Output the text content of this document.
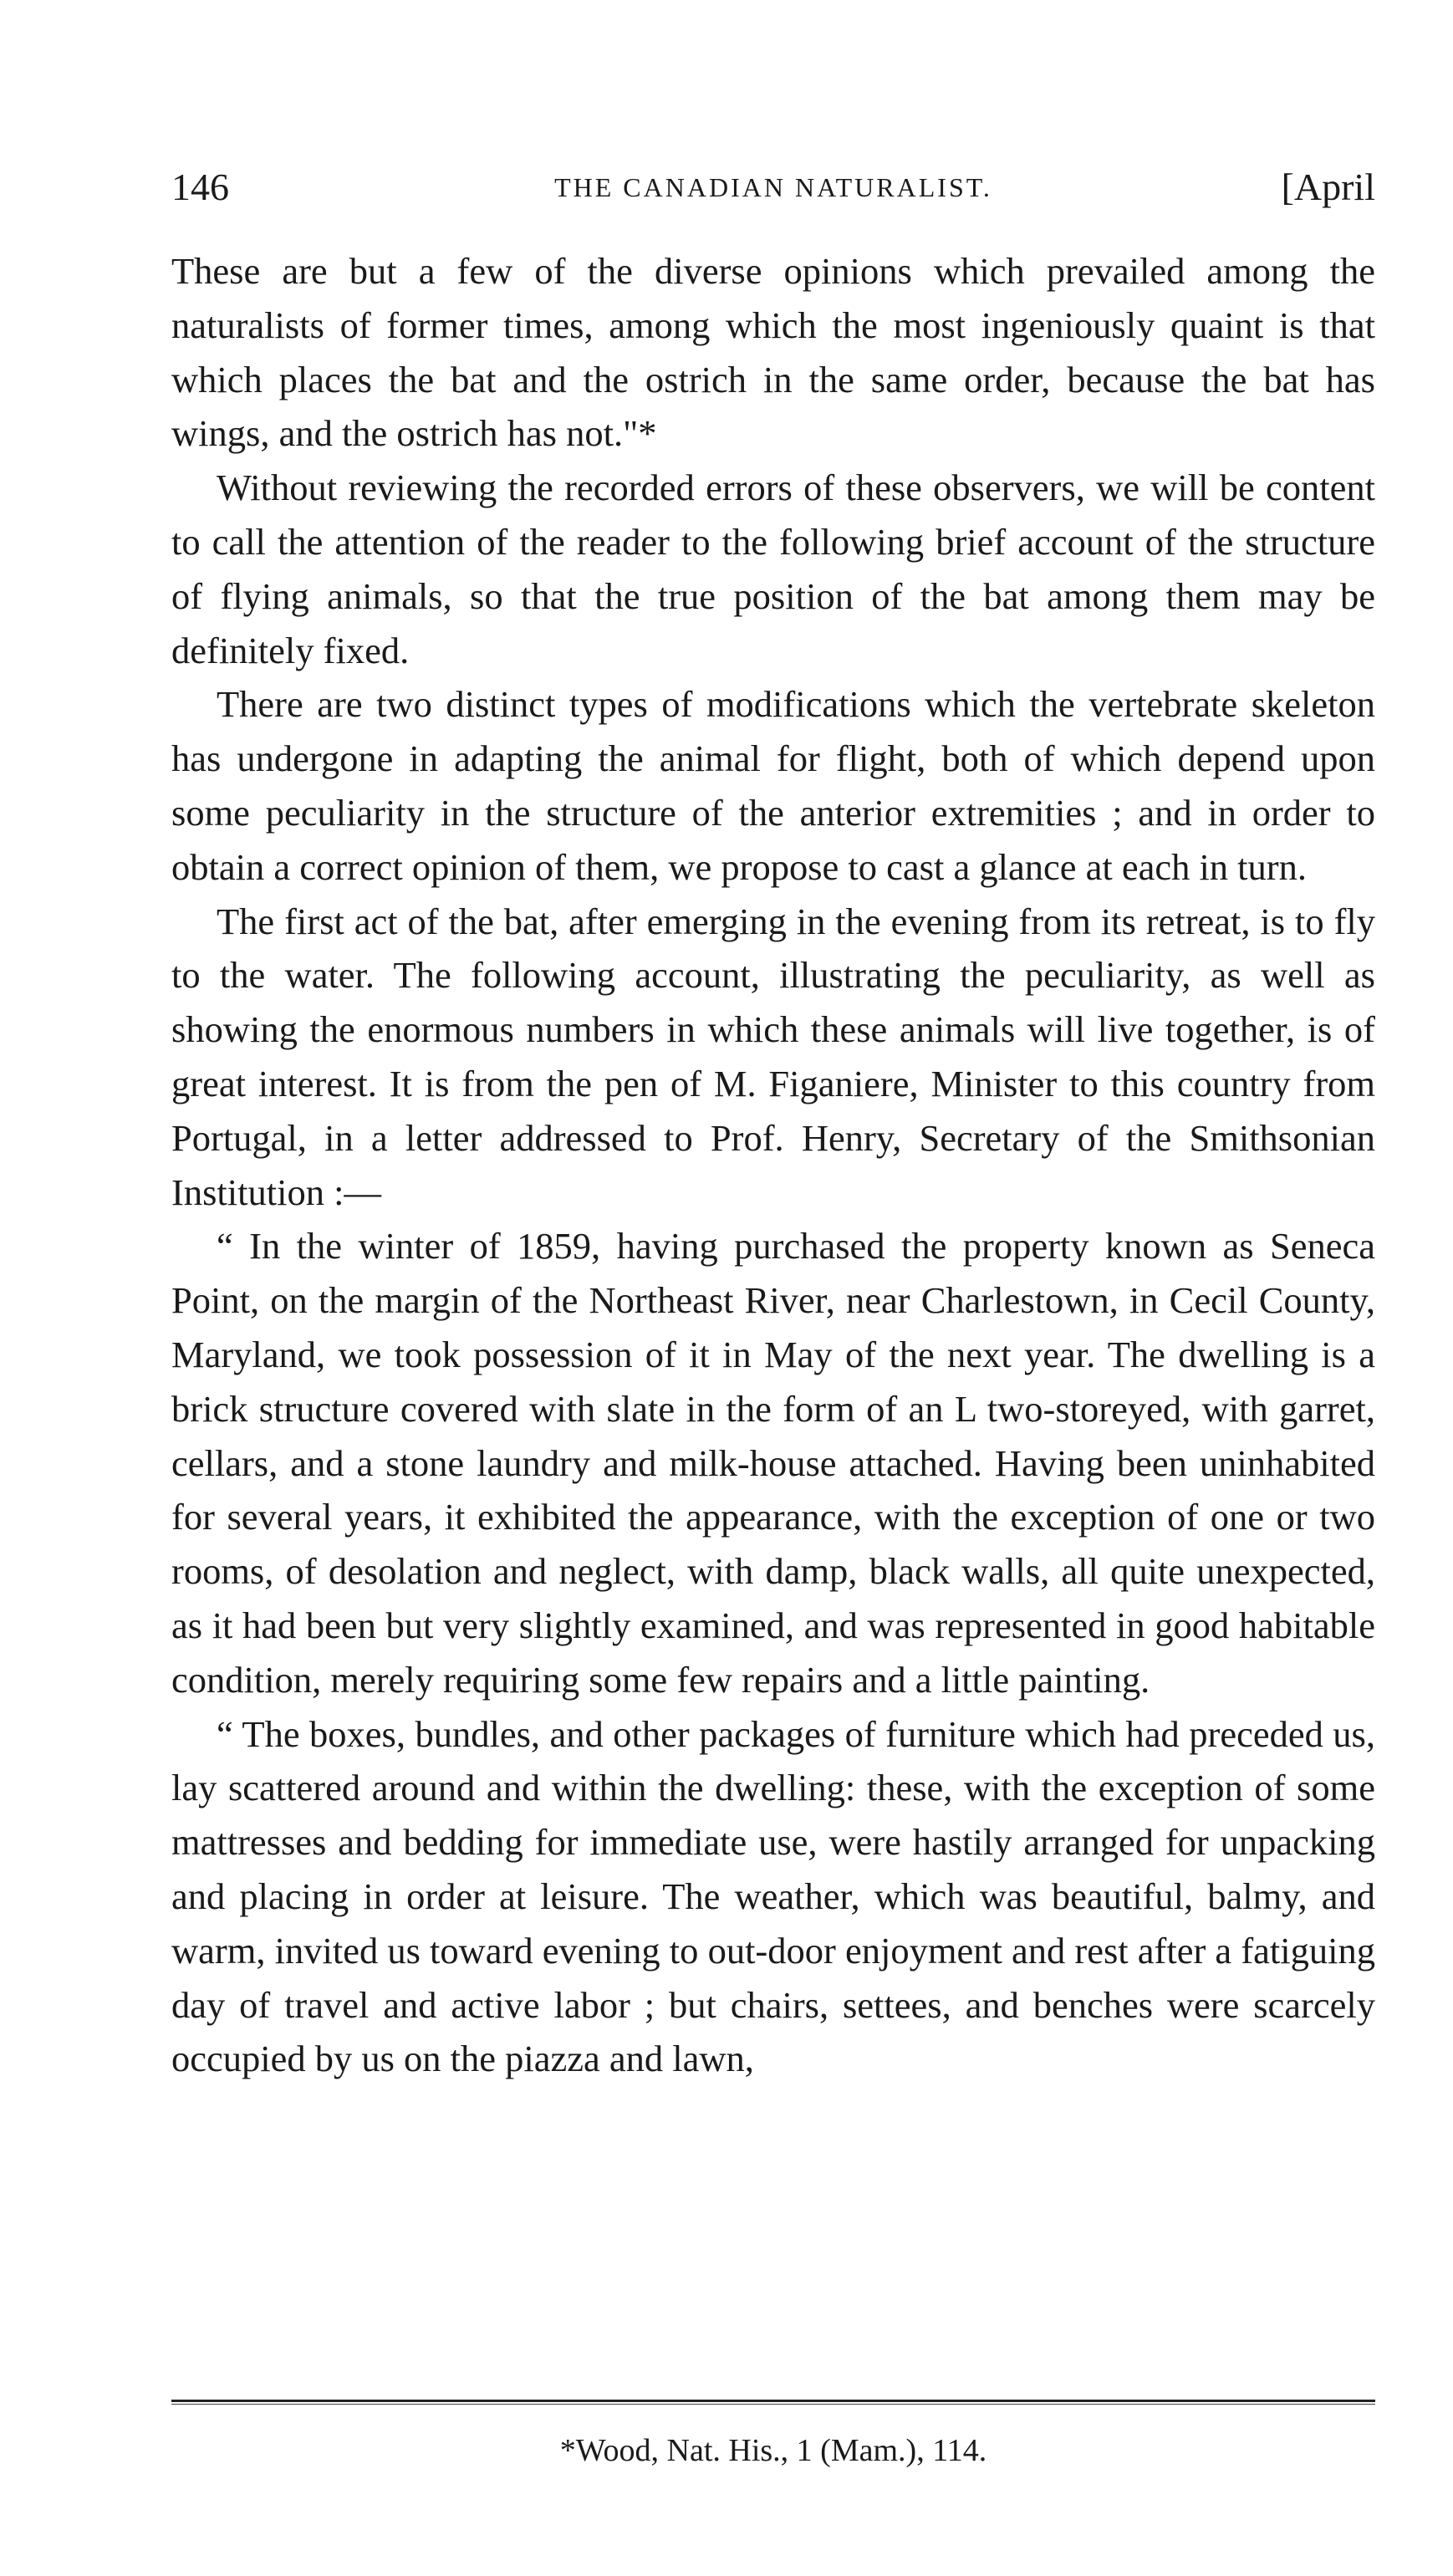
146	THE CANADIAN NATURALIST.	[April

These are but a few of the diverse opinions which prevailed among the naturalists of former times, among which the most ingeniously quaint is that which places the bat and the ostrich in the same order, because the bat has wings, and the ostrich has not."*

Without reviewing the recorded errors of these observers, we will be content to call the attention of the reader to the following brief account of the structure of flying animals, so that the true position of the bat among them may be definitely fixed.

There are two distinct types of modifications which the vertebrate skeleton has undergone in adapting the animal for flight, both of which depend upon some peculiarity in the structure of the anterior extremities ; and in order to obtain a correct opinion of them, we propose to cast a glance at each in turn.

The first act of the bat, after emerging in the evening from its retreat, is to fly to the water. The following account, illustrating the peculiarity, as well as showing the enormous numbers in which these animals will live together, is of great interest. It is from the pen of M. Figaniere, Minister to this country from Portugal, in a letter addressed to Prof. Henry, Secretary of the Smithsonian Institution :—

“ In the winter of 1859, having purchased the property known as Seneca Point, on the margin of the Northeast River, near Charlestown, in Cecil County, Maryland, we took possession of it in May of the next year. The dwelling is a brick structure covered with slate in the form of an L two-storeyed, with garret, cellars, and a stone laundry and milk-house attached. Having been uninhabited for several years, it exhibited the appearance, with the exception of one or two rooms, of desolation and neglect, with damp, black walls, all quite unexpected, as it had been but very slightly examined, and was represented in good habitable condition, merely requiring some few repairs and a little painting.

“ The boxes, bundles, and other packages of furniture which had preceded us, lay scattered around and within the dwelling: these, with the exception of some mattresses and bedding for immediate use, were hastily arranged for unpacking and placing in order at leisure. The weather, which was beautiful, balmy, and warm, invited us toward evening to out-door enjoyment and rest after a fatiguing day of travel and active labor ; but chairs, settees, and benches were scarcely occupied by us on the piazza and lawn,

*Wood, Nat. His., 1 (Mam.), 114.
